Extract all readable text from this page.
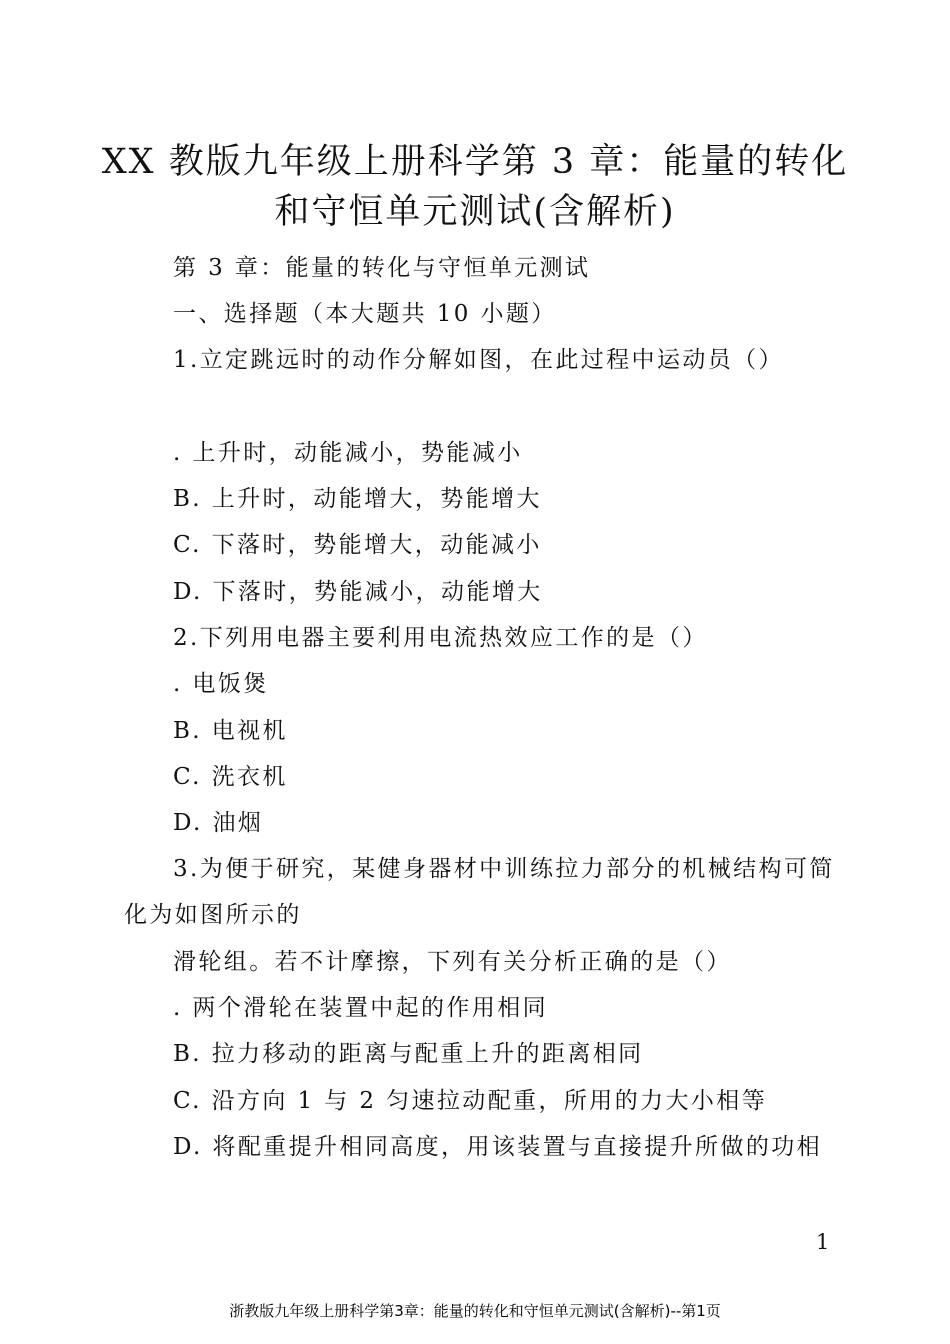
XX 教版九年级上册科学第 3 章：能量的转化
和守恒单元测试(含解析)
第 3 章：能量的转化与守恒单元测试
一、选择题（本大题共 10 小题）
1.立定跳远时的动作分解如图，在此过程中运动员（）
. 上升时，动能减小，势能减小
B. 上升时，动能增大，势能增大
C. 下落时，势能增大，动能减小
D. 下落时，势能减小，动能增大
2.下列用电器主要利用电流热效应工作的是（）
. 电饭煲
B. 电视机
C. 洗衣机
D. 油烟
3.为便于研究，某健身器材中训练拉力部分的机械结构可简
化为如图所示的
滑轮组。若不计摩擦，下列有关分析正确的是（）
. 两个滑轮在装置中起的作用相同
B. 拉力移动的距离与配重上升的距离相同
C. 沿方向 1 与 2 匀速拉动配重，所用的力大小相等
D. 将配重提升相同高度，用该装置与直接提升所做的功相
1
浙教版九年级上册科学第3章：能量的转化和守恒单元测试(含解析)--第1页
